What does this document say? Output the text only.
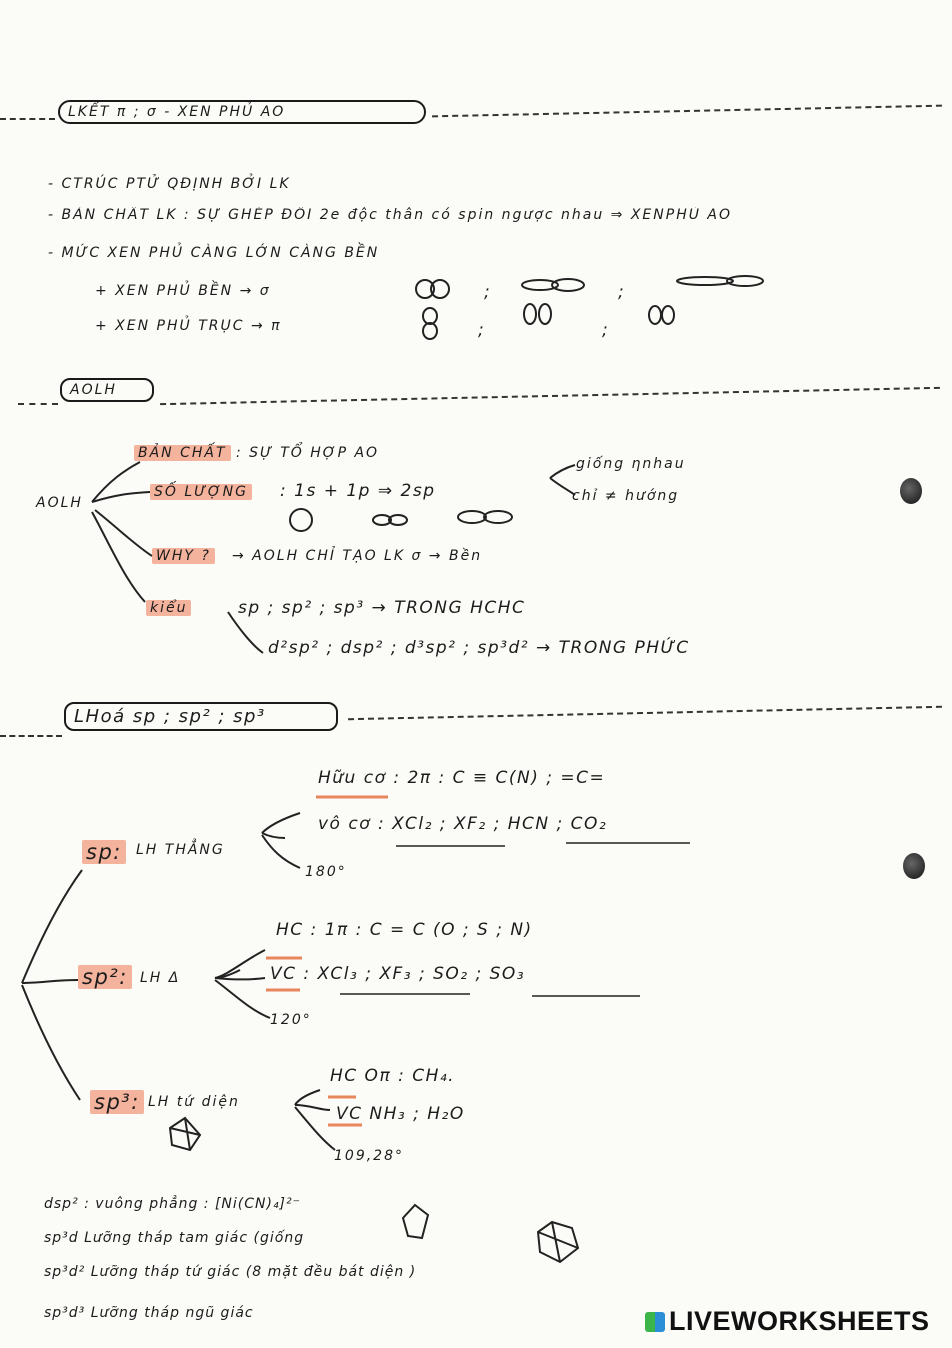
LKẾT π ; σ - XEN PHỦ AO
- CTRÚC PTỬ QĐỊNH BỞI LK
- BẢN CHẤT LK : SỰ GHÉP ĐÔI 2e độc thân có spin ngược nhau ⇒ XENPHỦ AO
- MỨC XEN PHỦ CÀNG LỚN CÀNG BỀN
+ XEN PHỦ BỀN → σ
+ XEN PHỦ TRỤC → π
;	;
;	;
AOLH
AOLH
BẢN CHẤT : SỰ TỔ HỢP AO
SỐ LƯỢNG : 1s + 1p ⇒ 2sp
giống ηnhau
chỉ ≠ hướng
WHY ? → AOLH CHỈ TẠO LK σ → Bền
kiểu	sp ; sp² ; sp³ → TRONG HCHC
d²sp² ; dsp² ; d³sp² ; sp³d² → TRONG PHỨC
LHoá sp ; sp² ; sp³
Hữu cơ : 2π : C ≡ C(N) ; =C=
vô cơ : XCl₂ ; XF₂ ; HCN ; CO₂
sp: LH THẲNG
180°
HC : 1π : C = C (O ; S ; N)
VC : XCl₃ ; XF₃ ; SO₂ ; SO₃
sp²: LH Δ
120°
HC Oπ : CH₄.
VC NH₃ ; H₂O
sp³: LH tứ diện
109,28°
dsp² : vuông phẳng : [Ni(CN)₄]²⁻
sp³d Lưỡng tháp tam giác (giống
sp³d² Lưỡng tháp tứ giác (8 mặt đều bát diện )
sp³d³ Lưỡng tháp ngũ giác	LIVEWORKSHEETS
